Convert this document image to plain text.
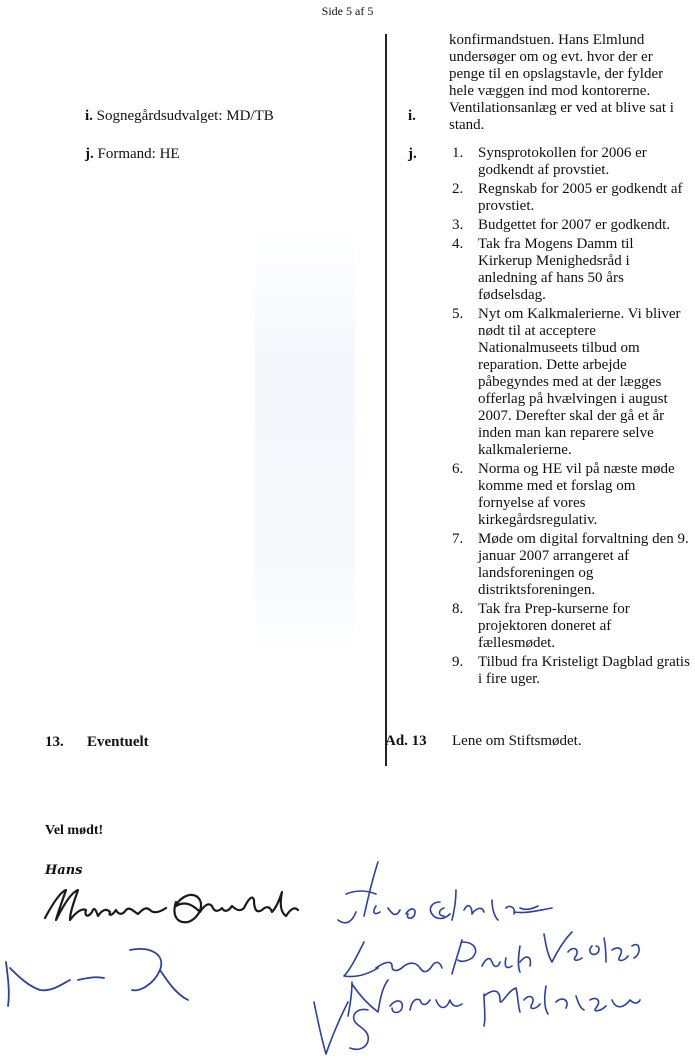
Side 5 af 5
i. Sognegårdsudvalget: MD/TB
j. Formand: HE
13. Eventuelt

konfirmandstuen. Hans Elmlund undersøger om og evt. hvor der er penge til en opslagstavle, der fylder hele væggen ind mod kontorerne.

Ventilationsanlæg er ved at blive sat i stand.

i.
j. 1. Synsprotokollen for 2006 er godkendt af provstiet.
2. Regnskab for 2005 er godkendt af provstiet.
3. Budgettet for 2007 er godkendt.
4. Tak fra Mogens Damm til Kirkerup Menighedsråd i anledning af hans 50 års fødselsdag.
5. Nyt om Kalkmalerierne. Vi bliver nødt til at acceptere Nationalmuseets tilbud om reparation. Dette arbejde påbegyndes med at der lægges offerlag på hvælvingen i august 2007. Derefter skal der gå et år inden man kan reparere selve kalkmalerierne.
6. Norma og HE vil på næste møde komme med et forslag om fornyelse af vores kirkegårdsregulativ.
7. Møde om digital forvaltning den 9. januar 2007 arrangeret af landsforeningen og distriktsforeningen.
8. Tak fra Prep-kurserne for projektoren doneret af fællesmødet.
9. Tilbud fra Kristeligt Dagblad gratis i fire uger.
Ad. 13 Lene om Stiftsmødet.
Vel mødt!
Hans
